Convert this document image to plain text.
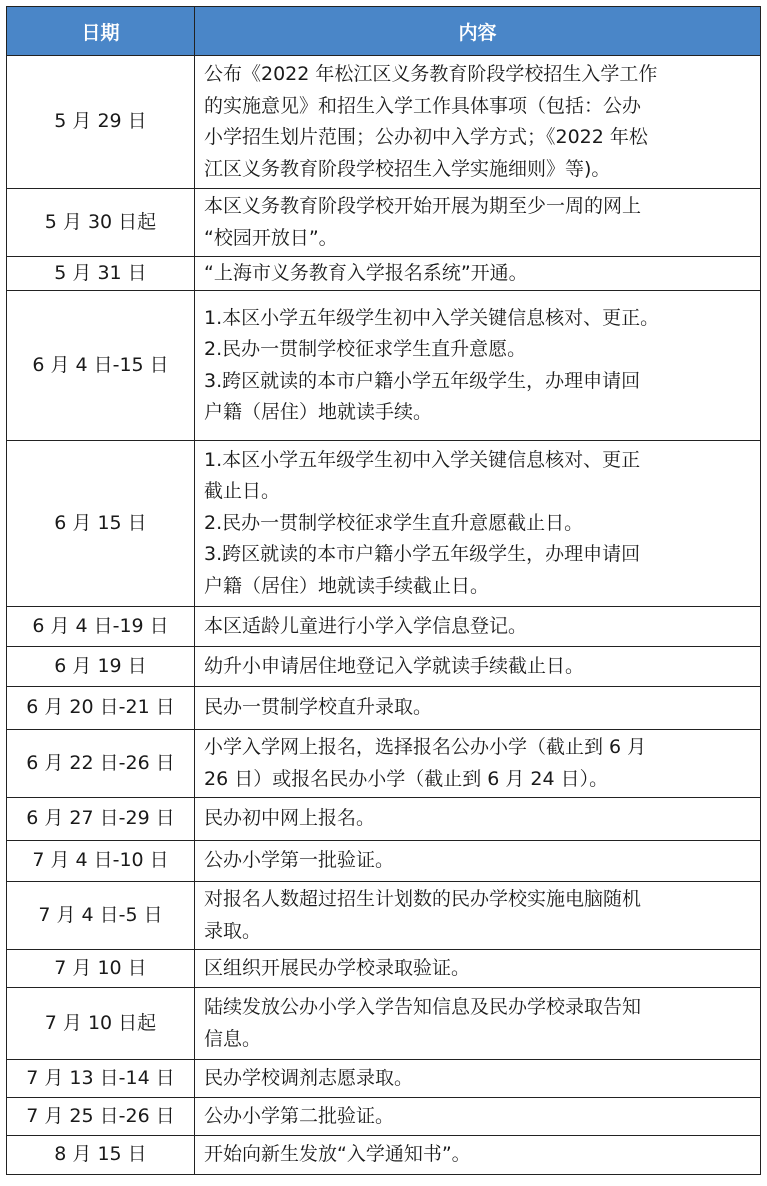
日期	内容
5 月 29 日	公布《2022 年松江区义务教育阶段学校招生入学工作
的实施意见》和招生入学工作具体事项（包括：公办
小学招生划片范围；公办初中入学方式；《2022 年松
江区义务教育阶段学校招生入学实施细则》等)。

5 月 30 日起	本区义务教育阶段学校开始开展为期至少一周的网上
“校园开放日”。

5 月 31 日	“上海市义务教育入学报名系统”开通。

6 月 4 日-15 日	1.本区小学五年级学生初中入学关键信息核对、更正。
2.民办一贯制学校征求学生直升意愿。
3.跨区就读的本市户籍小学五年级学生，办理申请回
户籍（居住）地就读手续。

6 月 15 日	1.本区小学五年级学生初中入学关键信息核对、更正
截止日。
2.民办一贯制学校征求学生直升意愿截止日。
3.跨区就读的本市户籍小学五年级学生，办理申请回
户籍（居住）地就读手续截止日。

6 月 4 日-19 日	本区适龄儿童进行小学入学信息登记。

6 月 19 日	幼升小申请居住地登记入学就读手续截止日。

6 月 20 日-21 日	民办一贯制学校直升录取。

6 月 22 日-26 日	小学入学网上报名，选择报名公办小学（截止到 6 月
26 日）或报名民办小学（截止到 6 月 24 日）。

6 月 27 日-29 日	民办初中网上报名。

7 月 4 日-10 日	公办小学第一批验证。

7 月 4 日-5 日	对报名人数超过招生计划数的民办学校实施电脑随机
录取。

7 月 10 日	区组织开展民办学校录取验证。

7 月 10 日起	陆续发放公办小学入学告知信息及民办学校录取告知
信息。

7 月 13 日-14 日	民办学校调剂志愿录取。

7 月 25 日-26 日	公办小学第二批验证。

8 月 15 日	开始向新生发放“入学通知书”。
